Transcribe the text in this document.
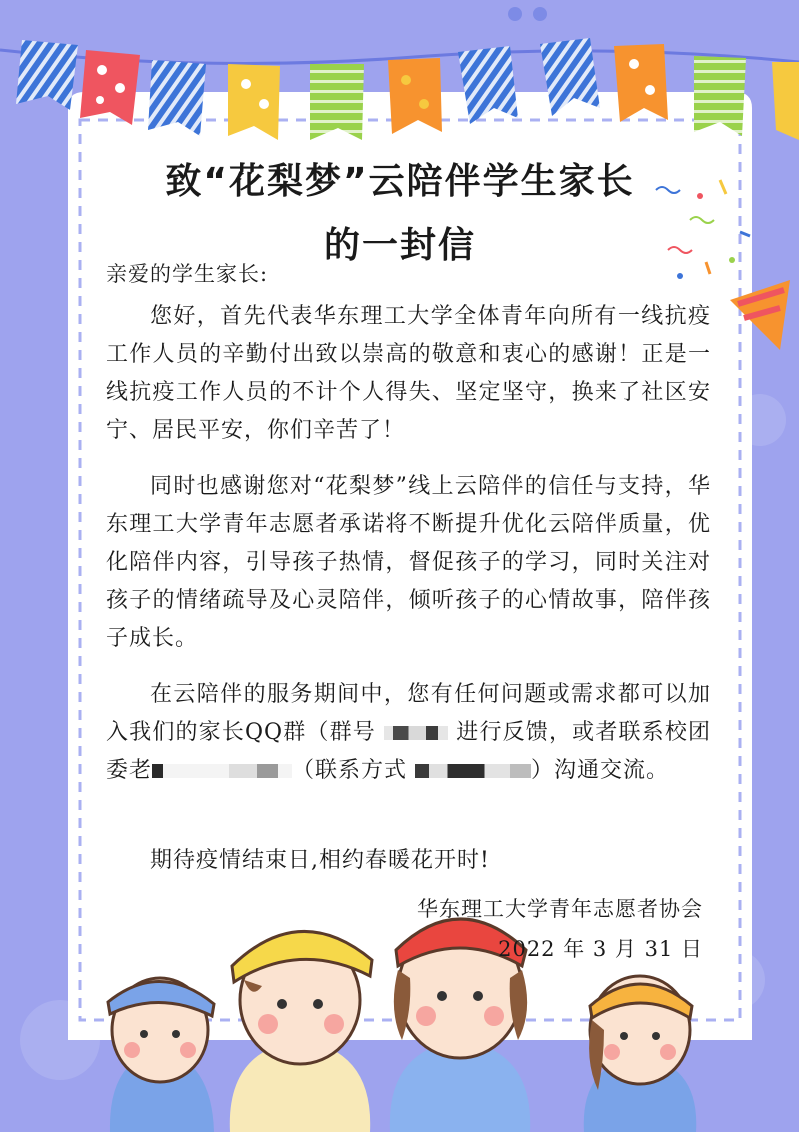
致“花梨梦”云陪伴学生家长
的一封信
亲爱的学生家长:

您好，首先代表华东理工大学全体青年向所有一线抗疫工作人员的辛勤付出致以崇高的敬意和衷心的感谢！正是一线抗疫工作人员的不计个人得失、坚定坚守，换来了社区安宁、居民平安，你们辛苦了！

同时也感谢您对“花梨梦”线上云陪伴的信任与支持，华东理工大学青年志愿者承诺将不断提升优化云陪伴质量，优化陪伴内容，引导孩子热情，督促孩子的学习，同时关注对孩子的情绪疏导及心灵陪伴，倾听孩子的心情故事，陪伴孩子成长。

在云陪伴的服务期间中，您有任何问题或需求都可以加入我们的家长QQ群（群号	进行反馈，或者联系校团委老	（联系方式	）沟通交流。

期待疫情结束日,相约春暖花开时!

华东理工大学青年志愿者协会
2022 年 3 月 31 日
